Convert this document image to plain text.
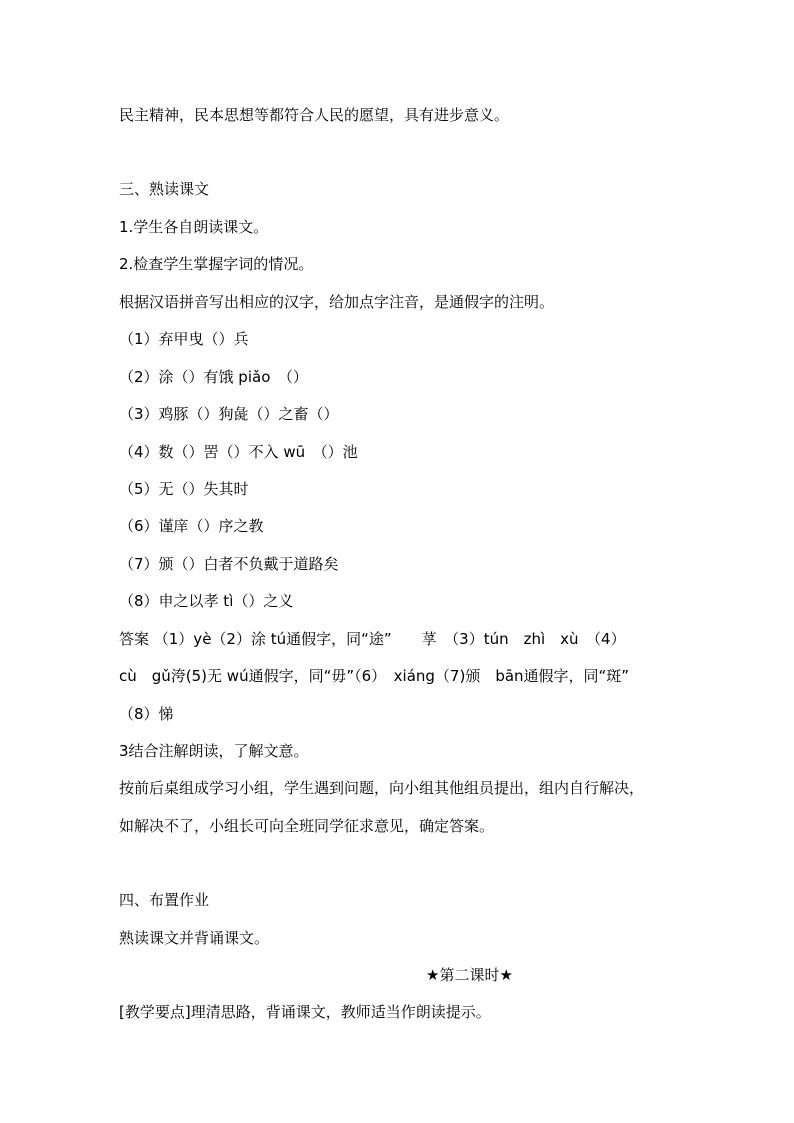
民主精神，民本思想等都符合人民的愿望，具有进步意义。
三、熟读课文
1.学生各自朗读课文。
2.检查学生掌握字词的情况。
根据汉语拼音写出相应的汉字，给加点字注音，是通假字的注明。
（1）弃甲曳（）兵
（2）涂（）有饿 piǎo　（）
（3）鸡豚（）狗彘（）之畜（）
（4）数（）罟（）不入 wū　（）池
（5）无（）失其时
（6）谨庠（）序之教
（7）颁（）白者不负戴于道路矣
（8）申之以孝 tì（）之义
答案 （1）yè（2）涂 tú通假字，同“途”　　莩　（3）tún　zhì　xù　（4）
cù　gǔ洿(5)无 wú通假字，同“毋”（6）　xiáng（7)颁　bān通假字，同“斑”
（8）悌
3结合注解朗读，了解文意。
按前后桌组成学习小组，学生遇到问题，向小组其他组员提出，组内自行解决，
如解决不了，小组长可向全班同学征求意见，确定答案。
四、布置作业
熟读课文并背诵课文。
★第二课时★
[教学要点]理清思路，背诵课文，教师适当作朗读提示。
